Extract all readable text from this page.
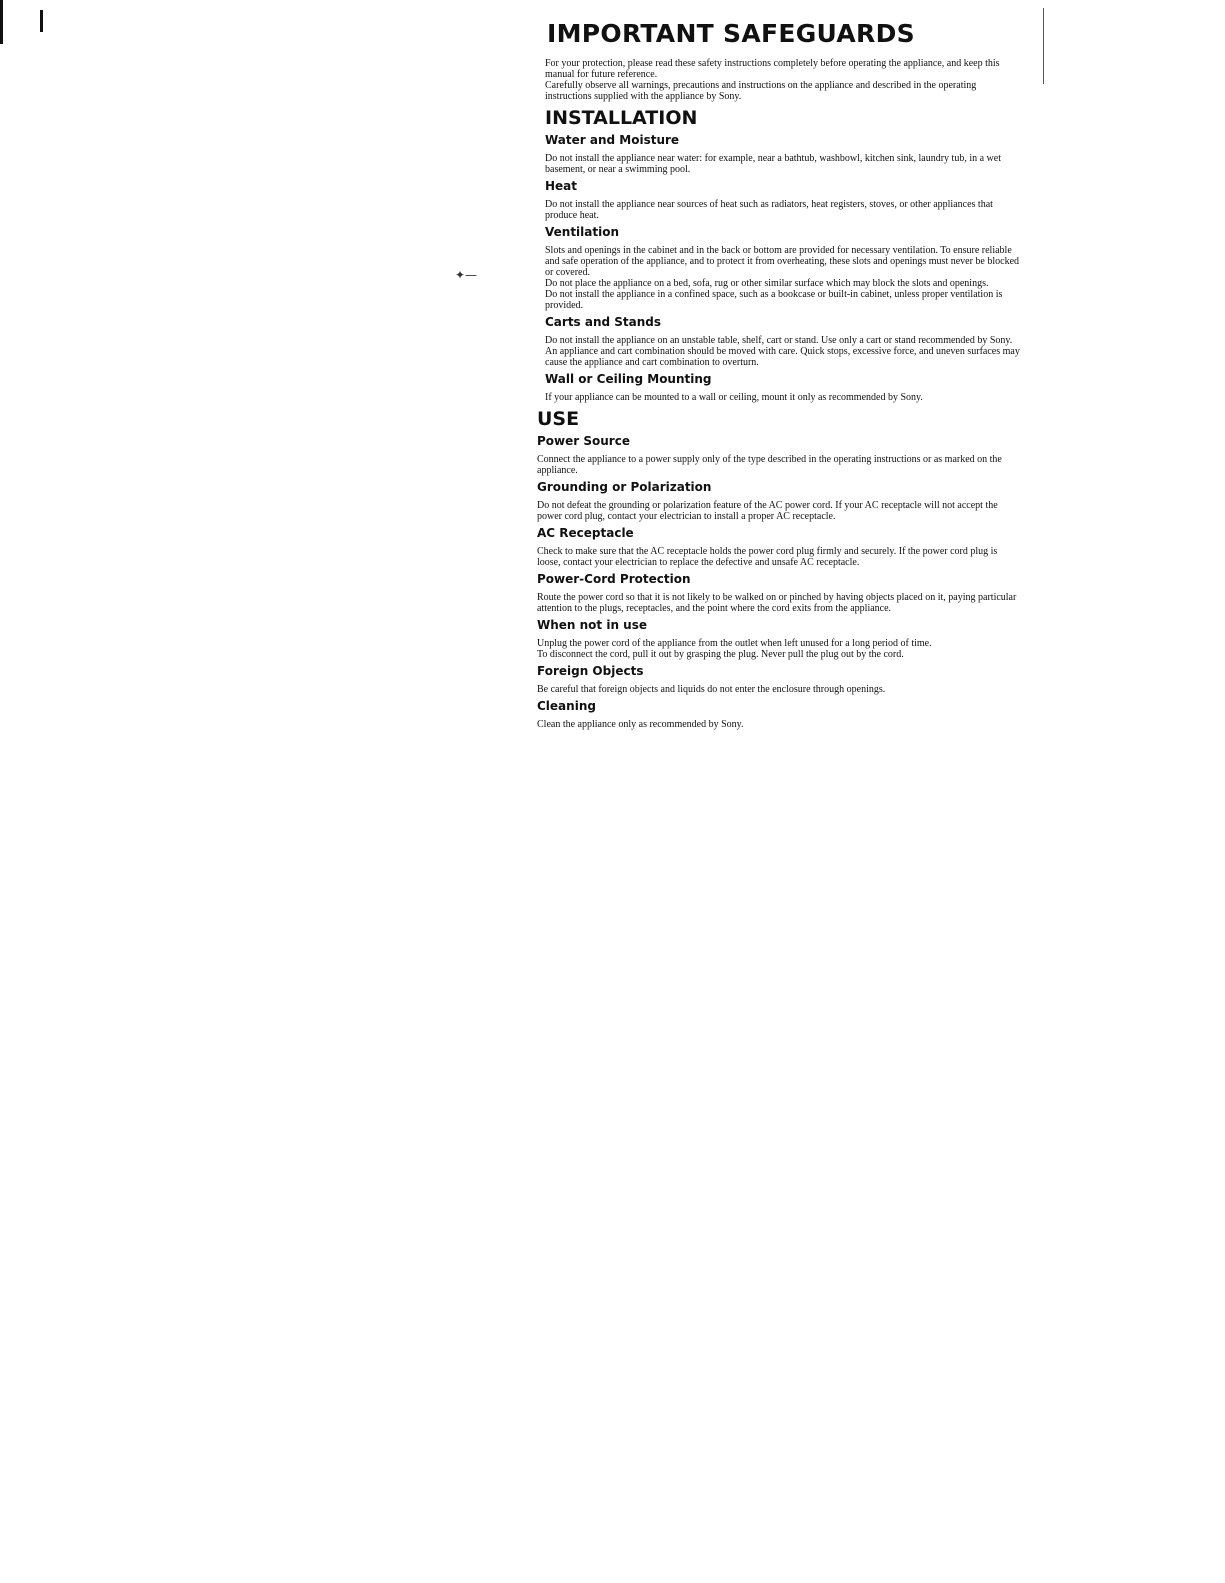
✦—
IMPORTANT SAFEGUARDS

For your protection, please read these safety instructions completely before operating the appliance, and keep this manual for future reference.

Carefully observe all warnings, precautions and instructions on the appliance and described in the operating instructions supplied with the appliance by Sony.

INSTALLATION
Water and Moisture

Do not install the appliance near water: for example, near a bathtub, washbowl, kitchen sink, laundry tub, in a wet basement, or near a swimming pool.

Heat

Do not install the appliance near sources of heat such as radiators, heat registers, stoves, or other appliances that produce heat.

Ventilation

Slots and openings in the cabinet and in the back or bottom are provided for necessary ventilation. To ensure reliable and safe operation of the appliance, and to protect it from overheating, these slots and openings must never be blocked or covered.

Do not place the appliance on a bed, sofa, rug or other similar surface which may block the slots and openings.

Do not install the appliance in a confined space, such as a bookcase or built-in cabinet, unless proper ventilation is provided.

Carts and Stands

Do not install the appliance on an unstable table, shelf, cart or stand. Use only a cart or stand recommended by Sony.

An appliance and cart combination should be moved with care. Quick stops, excessive force, and uneven surfaces may cause the appliance and cart combination to overturn.

Wall or Ceiling Mounting

If your appliance can be mounted to a wall or ceiling, mount it only as recommended by Sony.

USE
Power Source

Connect the appliance to a power supply only of the type described in the operating instructions or as marked on the appliance.

Grounding or Polarization

Do not defeat the grounding or polarization feature of the AC power cord. If your AC receptacle will not accept the power cord plug, contact your electrician to install a proper AC receptacle.

AC Receptacle

Check to make sure that the AC receptacle holds the power cord plug firmly and securely. If the power cord plug is loose, contact your electrician to replace the defective and unsafe AC receptacle.

Power-Cord Protection

Route the power cord so that it is not likely to be walked on or pinched by having objects placed on it, paying particular attention to the plugs, receptacles, and the point where the cord exits from the appliance.

When not in use

Unplug the power cord of the appliance from the outlet when left unused for a long period of time.

To disconnect the cord, pull it out by grasping the plug. Never pull the plug out by the cord.

Foreign Objects

Be careful that foreign objects and liquids do not enter the enclosure through openings.

Cleaning

Clean the appliance only as recommended by Sony.
